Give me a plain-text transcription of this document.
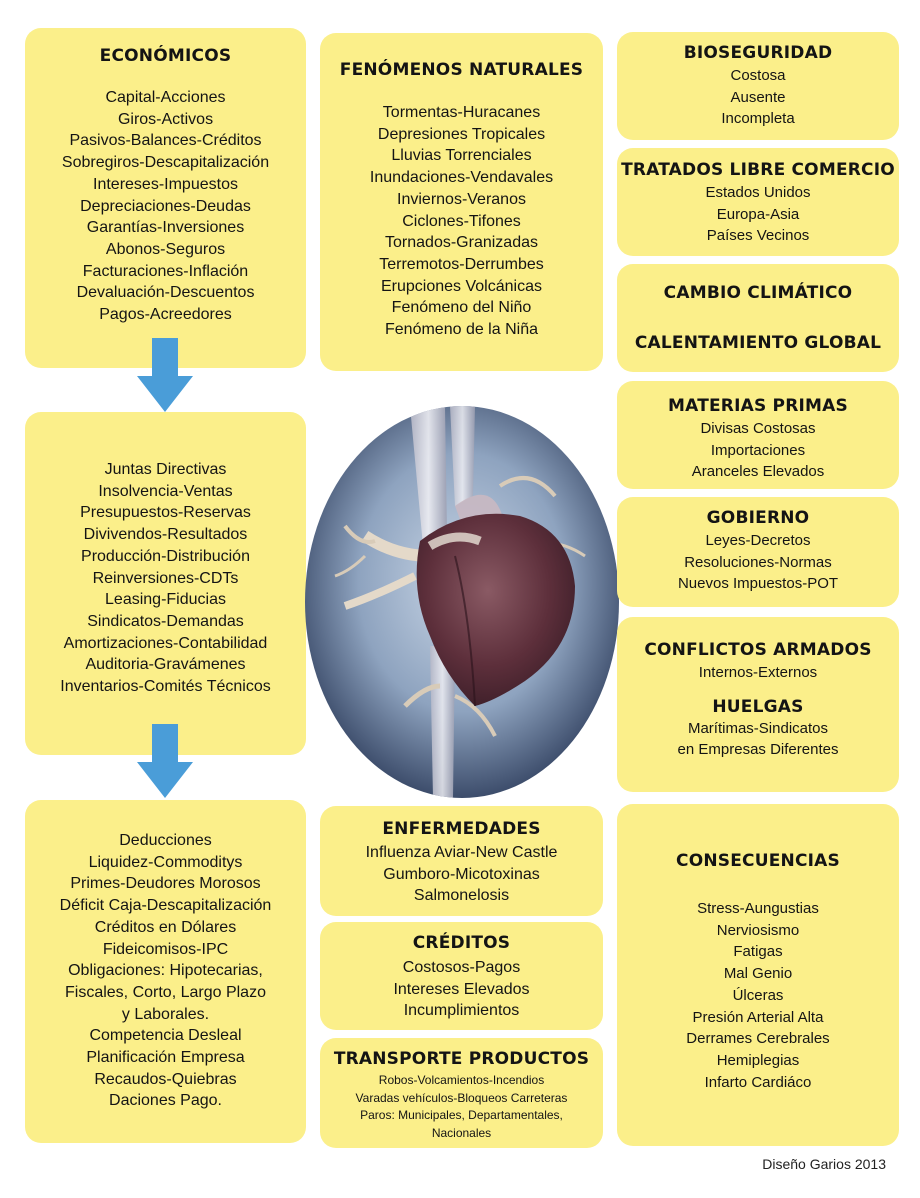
ECONÓMICOS
Capital-Acciones
Giros-Activos
Pasivos-Balances-Créditos
Sobregiros-Descapitalización
Intereses-Impuestos
Depreciaciones-Deudas
Garantías-Inversiones
Abonos-Seguros
Facturaciones-Inflación
Devaluación-Descuentos
Pagos-Acreedores
Juntas Directivas
Insolvencia-Ventas
Presupuestos-Reservas
Divivendos-Resultados
Producción-Distribución
Reinversiones-CDTs
Leasing-Fiducias
Sindicatos-Demandas
Amortizaciones-Contabilidad
Auditoria-Gravámenes
Inventarios-Comités Técnicos
Deducciones
Liquidez-Commoditys
Primes-Deudores Morosos
Déficit Caja-Descapitalización
Créditos en Dólares
Fideicomisos-IPC
Obligaciones: Hipotecarias,
Fiscales, Corto, Largo Plazo
y Laborales.
Competencia Desleal
Planificación Empresa
Recaudos-Quiebras
Daciones Pago.
FENÓMENOS NATURALES
Tormentas-Huracanes
Depresiones Tropicales
Lluvias Torrenciales
Inundaciones-Vendavales
Inviernos-Veranos
Ciclones-Tifones
Tornados-Granizadas
Terremotos-Derrumbes
Erupciones Volcánicas
Fenómeno del Niño
Fenómeno de la Niña
ENFERMEDADES
Influenza Aviar-New Castle
Gumboro-Micotoxinas
Salmonelosis
CRÉDITOS
Costosos-Pagos
Intereses Elevados
Incumplimientos
TRANSPORTE PRODUCTOS
Robos-Volcamientos-Incendios
Varadas vehículos-Bloqueos Carreteras
Paros: Municipales, Departamentales,
Nacionales
BIOSEGURIDAD
Costosa
Ausente
Incompleta
TRATADOS LIBRE COMERCIO
Estados Unidos
Europa-Asia
Países Vecinos
CAMBIO CLIMÁTICO
CALENTAMIENTO GLOBAL
MATERIAS PRIMAS
Divisas Costosas
Importaciones
Aranceles Elevados
GOBIERNO
Leyes-Decretos
Resoluciones-Normas
Nuevos Impuestos-POT
CONFLICTOS ARMADOS
Internos-Externos
HUELGAS
Marítimas-Sindicatos
en Empresas Diferentes
CONSECUENCIAS
Stress-Aungustias
Nerviosismo
Fatigas
Mal Genio
Úlceras
Presión Arterial Alta
Derrames Cerebrales
Hemiplegias
Infarto Cardiáco
Diseño Garios 2013
